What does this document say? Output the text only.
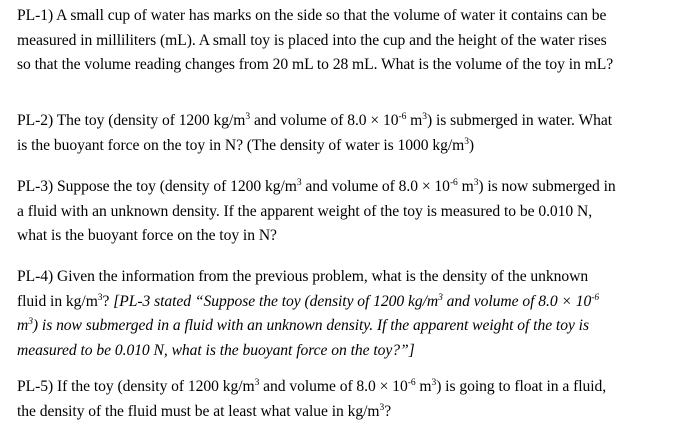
PL-1) A small cup of water has marks on the side so that the volume of water it contains can be
measured in milliliters (mL). A small toy is placed into the cup and the height of the water rises
so that the volume reading changes from 20 mL to 28 mL. What is the volume of the toy in mL?
PL-2) The toy (density of 1200 $kg/m^3$ and volume of $8.0 \times 10^{-6}$ $m^3$) is submerged in water. What
is the buoyant force on the toy in N? (The density of water is 1000 $kg/m^3$)
PL-3) Suppose the toy (density of 1200 $kg/m^3$ and volume of $8.0 \times 10^{-6}$ $m^3$) is now submerged in
a fluid with an unknown density. If the apparent weight of the toy is measured to be 0.010 N,
what is the buoyant force on the toy in N?
PL-4) Given the information from the previous problem, what is the density of the unknown
fluid in $kg/m^3$? [PL-3 stated “Suppose the toy (density of 1200 $kg/m^3$ and volume of $8.0 \times 10^{-6}$
$m^3$) is now submerged in a fluid with an unknown density. If the apparent weight of the toy is
measured to be 0.010 N, what is the buoyant force on the toy?”]
PL-5) If the toy (density of 1200 $kg/m^3$ and volume of $8.0 \times 10^{-6}$ $m^3$) is going to float in a fluid,
the density of the fluid must be at least what value in $kg/m^3$?
